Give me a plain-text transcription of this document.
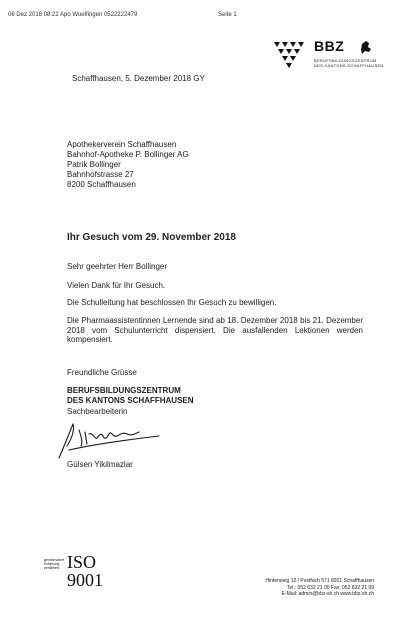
06 Dez 2018 08:22 Apo Wuelfingen 0522222479	Seite 1
BBZ
BERUFSBILDUNGSZENTRUM
DES KANTONS SCHAFFHAUSEN
Schaffhausen, 5. Dezember 2018 GY
Apothekerverein Schaffhausen
Bahnhof-Apotheke P. Bollinger AG
Patrik Bollinger
Bahnhofstrasse 27
8200 Schaffhausen
Ihr Gesuch vom 29. November 2018
Sehr geehrter Herr Bollinger
Vielen Dank für Ihr Gesuch.
Die Schulleitung hat beschlossen Ihr Gesuch zu bewilligen.
Die Pharmaassistentinnen Lernende sind ab 18. Dezember 2018 bis 21. Dezember 2018 vom Schulunterricht dispensiert. Die ausfallenden Lektionen werden kompensiert.
Freundliche Grüsse
BERUFSBILDUNGSZENTRUM
DES KANTONS SCHAFFHAUSEN
Sachbearbeiterin
Gülsen Yikilmazlar
gemeinsame
Erfahrung
zertifiziert ISO
9001	Hintersteig 12 / Postfach 571 8201 Schaffhausen
Tel.: 052 632 21 00 Fax: 052 632 21 99
E-Mail: admin@bbz-sh.ch www.bbz-sh.ch
